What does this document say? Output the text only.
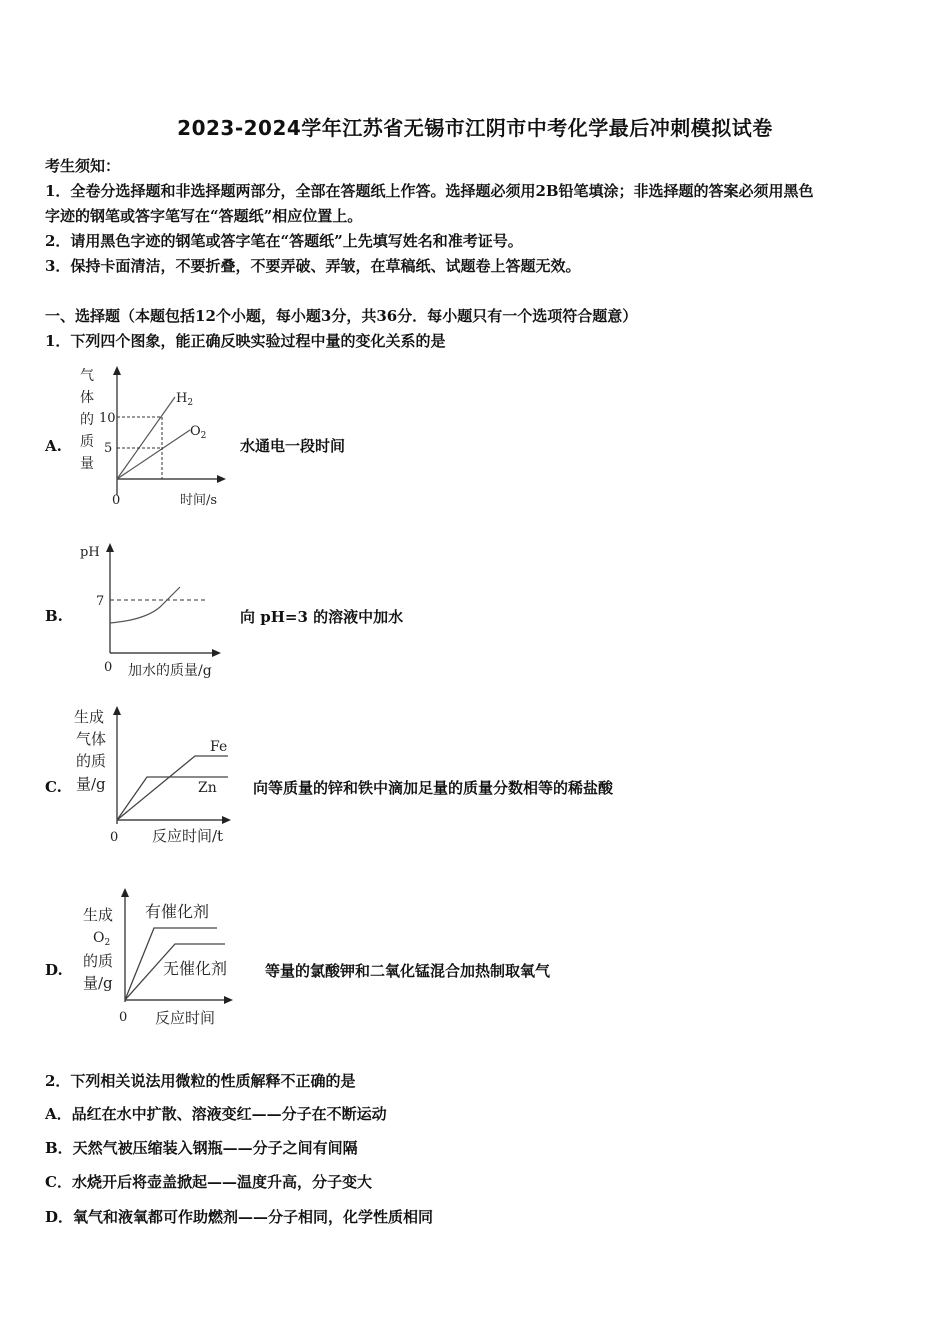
2023-2024学年江苏省无锡市江阴市中考化学最后冲刺模拟试卷
考生须知：
1．全卷分选择题和非选择题两部分，全部在答题纸上作答。选择题必须用2B铅笔填涂；非选择题的答案必须用黑色
字迹的钢笔或答字笔写在“答题纸”相应位置上。
2．请用黑色字迹的钢笔或答字笔在“答题纸”上先填写姓名和准考证号。
3．保持卡面清洁，不要折叠，不要弄破、弄皱，在草稿纸、试题卷上答题无效。
一、选择题（本题包括12个小题，每小题3分，共36分．每小题只有一个选项符合题意）
1．下列四个图象，能正确反映实验过程中量的变化关系的是
A.
气
体
的
质
量
10
5
0	时间/s
$H_2$
$O_2$
水通电一段时间
B.
pH
7
0 加水的质量/g
向 pH=3 的溶液中加水
C.
生成
气体
的质
量/g
0 反应时间/t
Fe
Zn 向等质量的锌和铁中滴加足量的质量分数相等的稀盐酸
D.
生成
$O_2$
的质
量/g
0 反应时间
有催化剂
无催化剂	等量的氯酸钾和二氧化锰混合加热制取氧气
2．下列相关说法用微粒的性质解释不正确的是
A．品红在水中扩散、溶液变红——分子在不断运动
B．天然气被压缩装入钢瓶——分子之间有间隔
C．水烧开后将壶盖掀起——温度升高，分子变大
D．氧气和液氧都可作助燃剂——分子相同，化学性质相同
